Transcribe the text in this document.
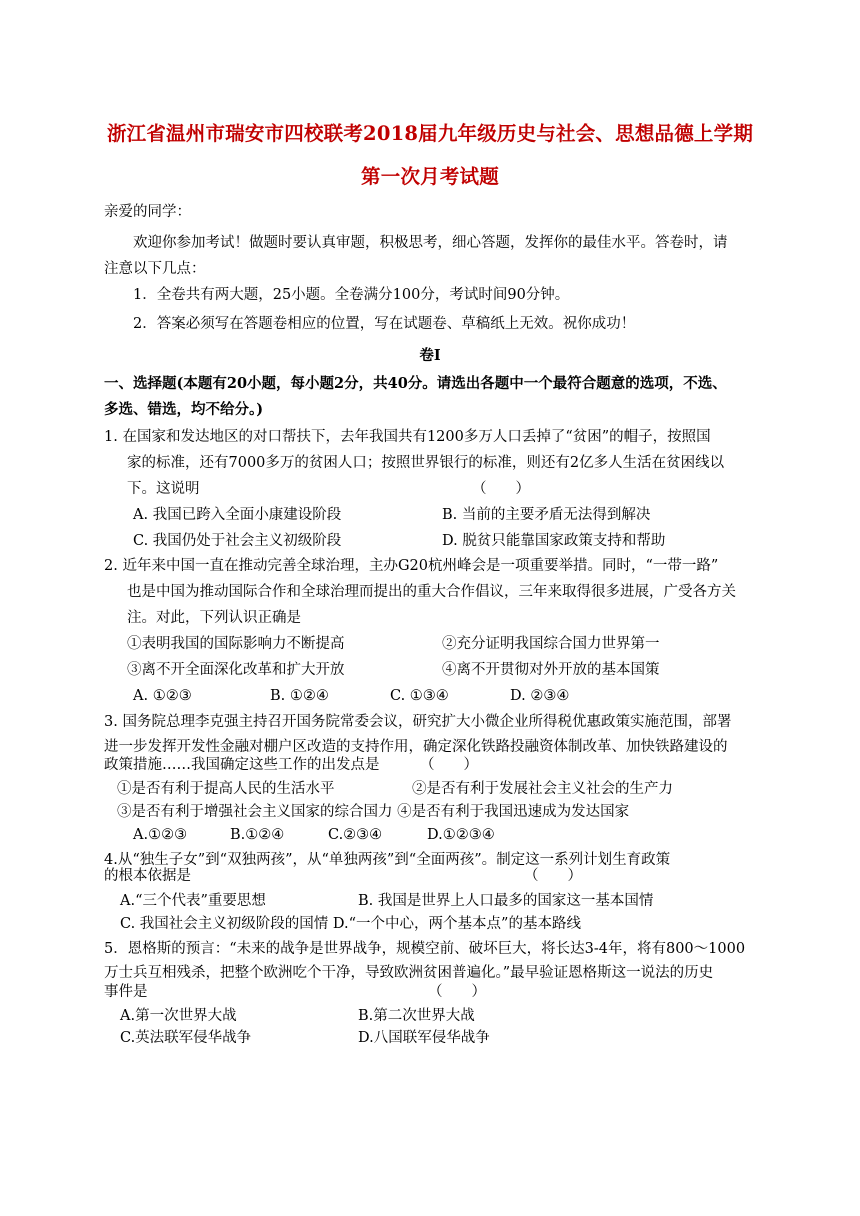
浙江省温州市瑞安市四校联考2018届九年级历史与社会、思想品德上学期
第一次月考试题
亲爱的同学：
欢迎你参加考试！做题时要认真审题，积极思考，细心答题，发挥你的最佳水平。答卷时，请
注意以下几点：
1．全卷共有两大题，25小题。全卷满分100分，考试时间90分钟。
2．答案必须写在答题卷相应的位置，写在试题卷、草稿纸上无效。祝你成功！
卷Ⅰ
一、选择题(本题有20小题，每小题2分，共40分。请选出各题中一个最符合题意的选项，不选、
多选、错选，均不给分。)
1. 在国家和发达地区的对口帮扶下，去年我国共有1200多万人口丢掉了“贫困”的帽子，按照国
家的标准，还有7000多万的贫困人口；按照世界银行的标准，则还有2亿多人生活在贫困线以
下。这说明	（　　）
A. 我国已跨入全面小康建设阶段	B. 当前的主要矛盾无法得到解决
C. 我国仍处于社会主义初级阶段	D. 脱贫只能靠国家政策支持和帮助
2. 近年来中国一直在推动完善全球治理，主办G20杭州峰会是一项重要举措。同时，“一带一路”
也是中国为推动国际合作和全球治理而提出的重大合作倡议，三年来取得很多进展，广受各方关
注。对此，下列认识正确是
①表明我国的国际影响力不断提高	②充分证明我国综合国力世界第一
③离不开全面深化改革和扩大开放	④离不开贯彻对外开放的基本国策
A. ①②③	B. ①②④	C. ①③④	D. ②③④
3. 国务院总理李克强主持召开国务院常委会议，研究扩大小微企业所得税优惠政策实施范围，部署
进一步发挥开发性金融对棚户区改造的支持作用，确定深化铁路投融资体制改革、加快铁路建设的
政策措施……我国确定这些工作的出发点是	（　　）
①是否有利于提高人民的生活水平	②是否有利于发展社会主义社会的生产力
③是否有利于增强社会主义国家的综合国力 ④是否有利于我国迅速成为发达国家
A.①②③	B.①②④	C.②③④	D.①②③④
4.从“独生子女”到“双独两孩”，从“单独两孩”到“全面两孩”。制定这一系列计划生育政策
的根本依据是	（　　）
A.“三个代表”重要思想	B. 我国是世界上人口最多的国家这一基本国情
C. 我国社会主义初级阶段的国情 D.“一个中心，两个基本点”的基本路线
5．恩格斯的预言：“未来的战争是世界战争，规模空前、破坏巨大，将长达3-4年，将有800～1000
万士兵互相残杀，把整个欧洲吃个干净，导致欧洲贫困普遍化。”最早验证恩格斯这一说法的历史
事件是	（　　）
A.第一次世界大战	B.第二次世界大战
C.英法联军侵华战争	D.八国联军侵华战争
